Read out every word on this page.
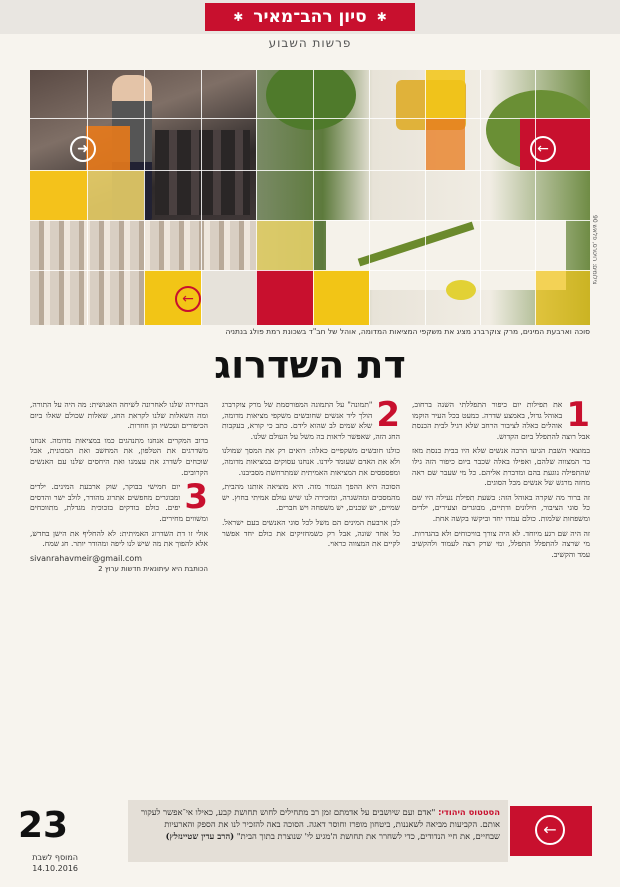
✱
סיון רהב־מאיר
✱
פרשות השבוע
➜	←
←
צילומים: רויטרס, פלאש 90
סוכה וארבעת המינים, מרק צוקרברג מציג את משקפי המציאות המדומה, אוהל של חב"ד בשכונת רמת פולג בנתניה
דת השדרוג
1

את תפילות יום כיפור התפללתי השנה ברחוב, באוהל גדול, באמצע שדרה. כמעט בכל העיר הוקמו אוהלים כאלה לציבור הרחב שלא רגיל לבית הכנסת אבל רוצה להתפלל ביום הקדוש.

במוצאי השבת הגיעו הרבה אנשים שלא היו בבית כנסת מאז בר המצווה שלהם, ואפילו באלה שכבר ביום כיפור הזה גילו שהתפילה נוגעת בהם ומדברת אליהם. כל מי שעבר שם ראה מחזה מרגש של אנשים מכל הסוגים.

זה ברור מה שקרה באוהל הזה: בשעת תפילת נעילה היו שם כל סוגי הציבור, חילונים ודתיים, מבוגרים וצעירים, ילדים ומשפחות שלמות. כולם עמדו יחד וביקשו בקשה אחת.

זה היה שם רגע מיוחד. לא היה צורך בוויכוחים ולא בהגדרות. מי שרצה להתפלל התפלל, ומי שרק רצה לעמוד ולהקשיב עמד והקשיב.

2

"תמונה" על התמונה המפורסמת של מרק צוקרברג הולך ליד אנשים שחובשים משקפי מציאות מדומה, שלא שמים לב שהוא לידם. כתב כי קורא, בעקבות החג הזה, שאפשר לראות בה משל על העולם שלנו.

כולנו חובשים משקפיים כאלה: רואים רק את המסך שמולנו ולא את האדם שעומד לידנו. אנחנו עסוקים במציאות מדומה, ומפספסים את המציאות האמיתית שמתרחשת מסביבנו.

הסוכה היא ההפך הגמור מזה. היא מוציאה אותנו מהבית, מהמסכים ומהשגרה, ומזכירה לנו שיש עולם אמיתי בחוץ. יש שמיים, יש שכנים, יש משפחה ויש חברים.

לכן ארבעת המינים הם משל לכל סוגי האנשים בעם ישראל. כל אחד שונה, אבל רק כשמחזיקים את כולם יחד אפשר לקיים את המצווה כראוי.

הבחירה שלנו לאחרונה לשיחה האנושית: מה היה על התורה, ומה השאלות שלנו לקראת החג, שאלות שכולם שאלו ביום הכיפורים ועכשיו הן חוזרות.

ברוב המקרים אנחנו מתנהגים כמו במציאות מדומה. אנחנו משדרגים את הטלפון, את המחשב ואת המכונית, אבל שוכחים לשדרג את עצמנו ואת היחסים שלנו עם האנשים הקרובים.

3

יום חמישי בבוקר, שוק ארבעת המינים. ילדים ומבוגרים מחפשים אתרוג מהודר, לולב ישר והדסים יפים. כולם בודקים בזכוכית מגדלת, מתווכחים ומשווים מחירים.

אולי זו דת השדרוג האמיתית: לא להחליף את הישן בחדש, אלא להפוך את מה שיש לנו ליפה ומהודר יותר. חג שמח.

sivanrahavmeir@gmail.com
הכותבת היא עיתונאית חדשות ערוץ 2
הסטטוס היהודי: "אדם ועם שיושבים על אדמתם זמן רב מתחילים לחוש תחושת קבע, כאילו אי־אפשר לעקור אותם. הקביעות מביאה לשאננות, ביטחון מופרז וחוסר דאגה. הסוכה באה להזכיר לנו את הספק והארעיות שבחיים, את חיי הנדודים, כדי לשחרר את תחושת ה'מגיע לי' שנוצרת בתוך הבית" (הרב עדין שטיינזלץ)	←
23
המוסף לשבת
14.10.2016
